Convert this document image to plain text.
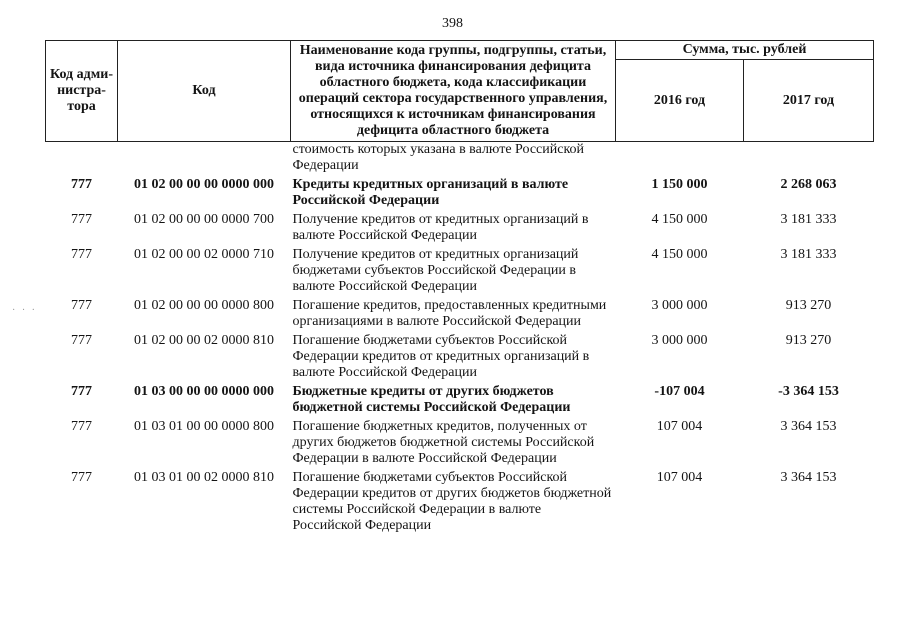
398
Код адми-нистра-тора	Код	Наименование кода группы, подгруппы, статьи, вида источника финансирования дефицита областного бюджета, кода классификации операций сектора государственного управления, относящихся к источникам финансирования дефицита областного бюджета	Сумма, тыс. рублей	
			2016 год	2017 год
		стоимость которых указана в валюте Российской Федерации		
777	01 02 00 00 00 0000 000	Кредиты кредитных организаций в валюте Российской Федерации	1 150 000	2 268 063
777	01 02 00 00 00 0000 700	Получение кредитов от кредитных организаций в валюте Российской Федерации	4 150 000	3 181 333
777	01 02 00 00 02 0000 710	Получение кредитов от кредитных организаций бюджетами субъектов Российской Федерации в валюте Российской Федерации	4 150 000	3 181 333
777	01 02 00 00 00 0000 800	Погашение кредитов, предоставленных кредитными организациями в валюте Российской Федерации	3 000 000	913 270
777	01 02 00 00 02 0000 810	Погашение бюджетами субъектов Российской Федерации кредитов от кредитных организаций в валюте Российской Федерации	3 000 000	913 270
777	01 03 00 00 00 0000 000	Бюджетные кредиты от других бюджетов бюджетной системы Российской Федерации	-107 004	-3 364 153
777	01 03 01 00 00 0000 800	Погашение бюджетных кредитов, полученных от других бюджетов бюджетной системы Российской Федерации в валюте Российской Федерации	107 004	3 364 153
777	01 03 01 00 02 0000 810	Погашение бюджетами субъектов Российской Федерации кредитов от других бюджетов бюджетной системы Российской Федерации в валюте Российской Федерации	107 004	3 364 153
· · ·
